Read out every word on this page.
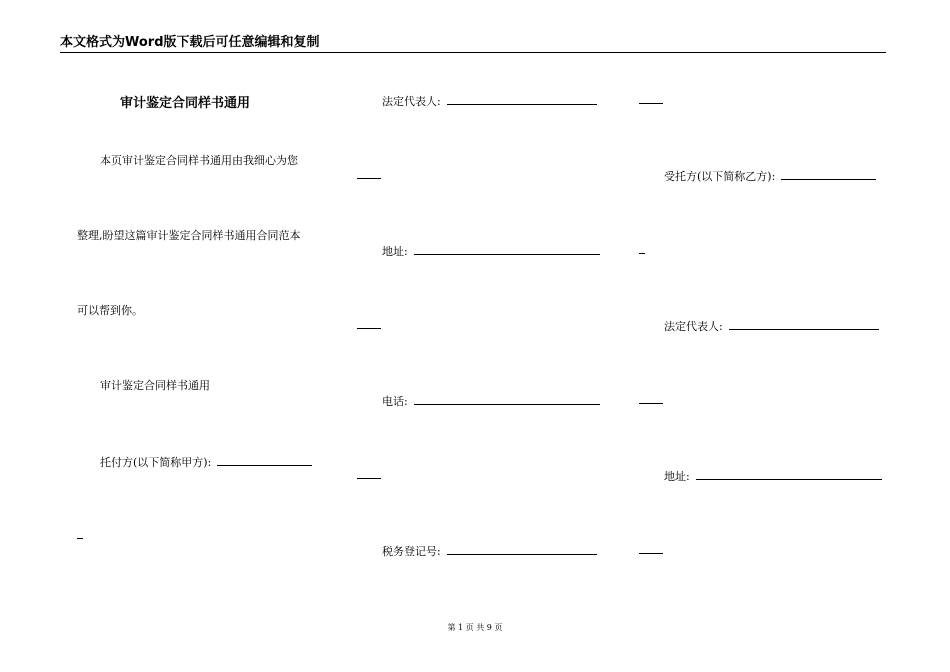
本文格式为Word版下载后可任意编辑和复制
审计鉴定合同样书通用
本页审计鉴定合同样书通用由我细心为您
整理,盼望这篇审计鉴定合同样书通用合同范本
可以帮到你。
审计鉴定合同样书通用
托付方(以下简称甲方):
法定代表人:
地址:
电话:
税务登记号:
受托方(以下简称乙方):
法定代表人:
地址:
第 1 页 共 9 页
